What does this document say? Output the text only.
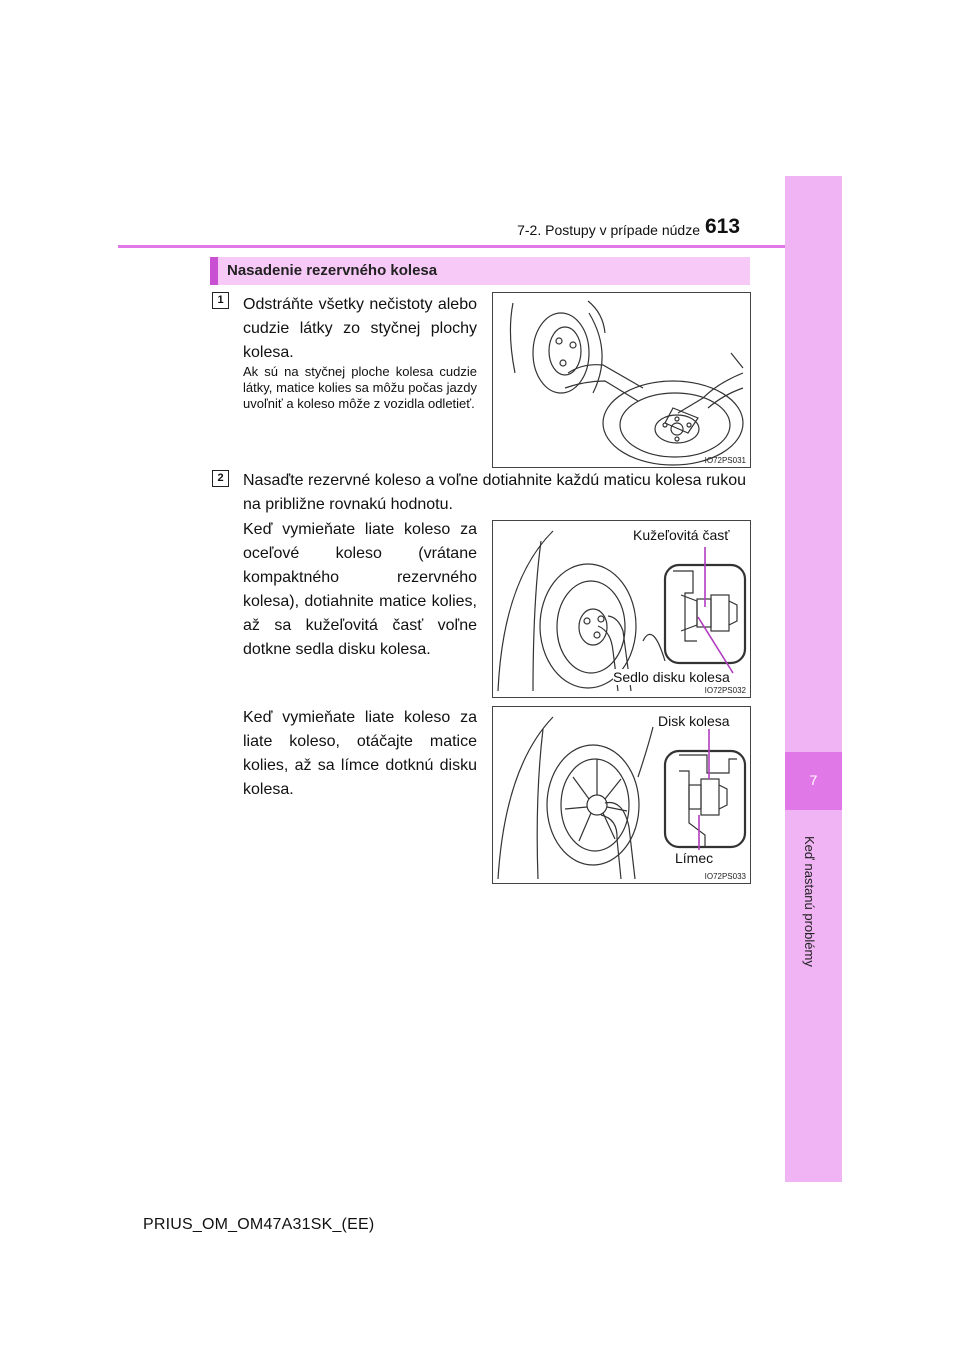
7
Keď nastanú problémy
7-2. Postupy v prípade núdze 613
Nasadenie rezervného kolesa
1	Odstráňte všetky nečistoty alebo cudzie látky zo styčnej plochy kolesa.
Ak sú na styčnej ploche kolesa cudzie látky, matice kolies sa môžu počas jazdy uvoľniť a koleso môže z vozidla odletieť.
IO72PS031
2	Nasaďte rezervné koleso a voľne dotiahnite každú maticu kolesa rukou na približne rovnakú hodnotu.
Keď vymieňate liate koleso za oceľové koleso (vrátane kompaktného rezervného kolesa), dotiahnite matice kolies, až sa kužeľovitá časť voľne dotkne sedla disku kolesa.
Keď vymieňate liate koleso za liate koleso, otáčajte matice kolies, až sa límce dotknú disku kolesa.
Kužeľovitá časť
Sedlo disku kolesa
IO72PS032
Disk kolesa
Límec
IO72PS033
PRIUS_OM_OM47A31SK_(EE)
